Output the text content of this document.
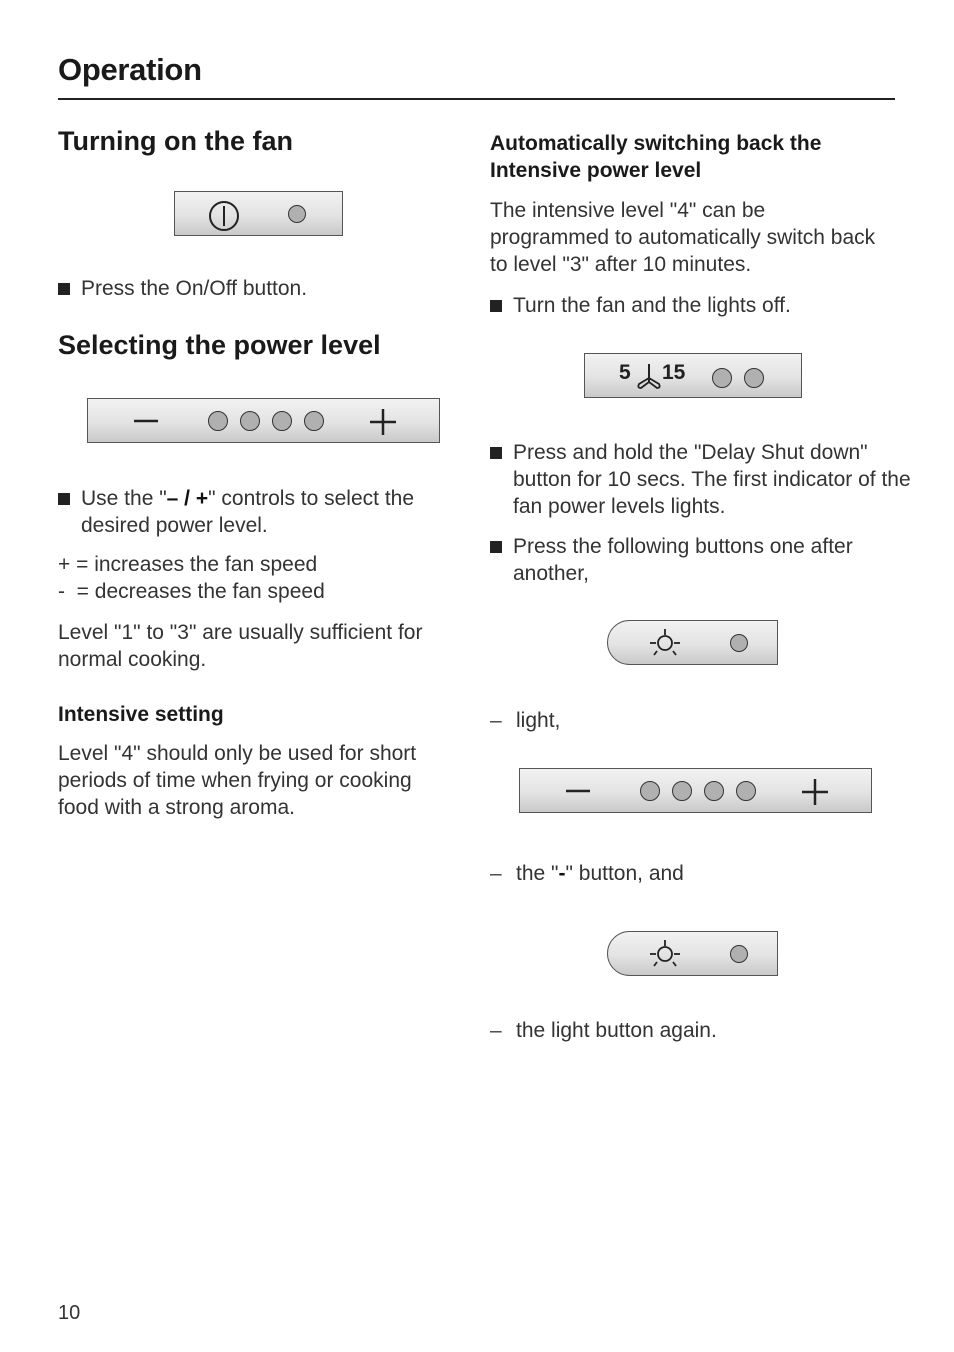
Operation
Turning on the fan
Press the On/Off button.
Selecting the power level
Use the "– / +" controls to select the desired power level.
+ = increases the fan speed
-  = decreases the fan speed
Level "1" to "3" are usually sufficient for normal cooking.
Intensive setting
Level "4" should only be used for short periods of time when frying or cooking food with a strong aroma.
Automatically switching back the Intensive power level
The intensive level "4" can be programmed to automatically switch back to level "3" after 10 minutes.
Turn the fan and the lights off.
5 15
Press and hold the "Delay Shut down" button for 10 secs. The first indicator of the fan power levels lights.
Press the following buttons one after another,
– light,
– the "-" button, and
– the light button again.
10
